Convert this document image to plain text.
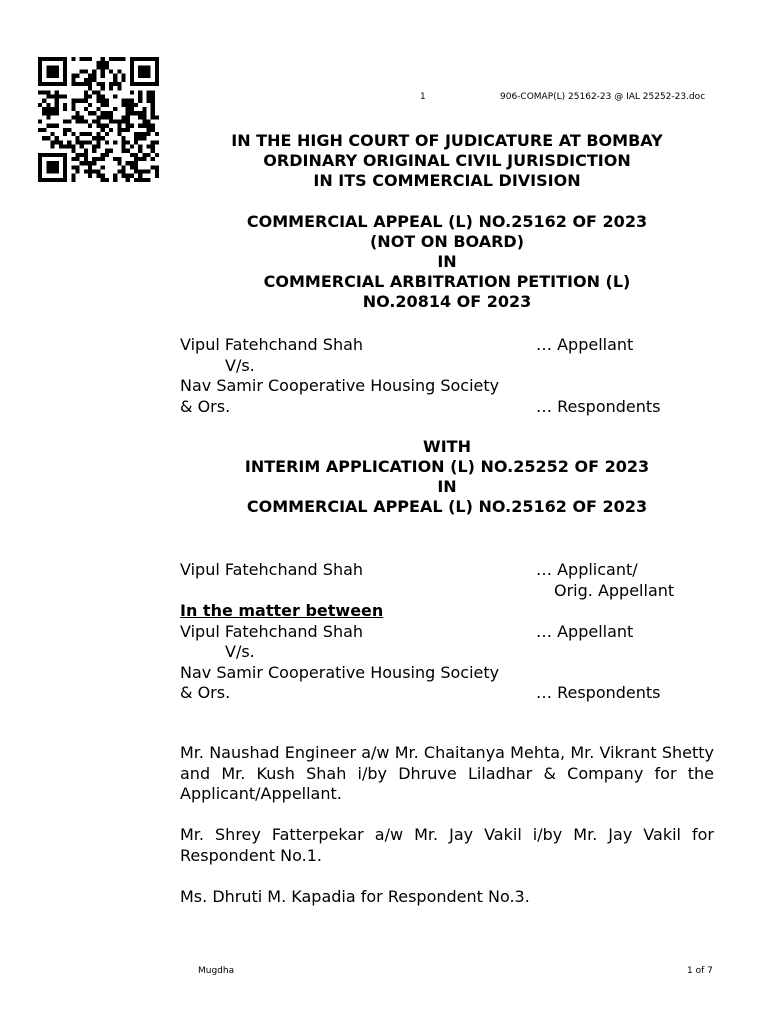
1	906-COMAP(L) 25162-23 @ IAL 25252-23.doc
IN THE HIGH COURT OF JUDICATURE AT BOMBAY
ORDINARY ORIGINAL CIVIL JURISDICTION
IN ITS COMMERCIAL DIVISION
COMMERCIAL APPEAL (L) NO.25162 OF 2023
(NOT ON BOARD)
IN
COMMERCIAL ARBITRATION PETITION (L)
NO.20814 OF 2023
Vipul Fatehchand Shah	… Appellant
V/s.
Nav Samir Cooperative Housing Society
& Ors.	… Respondents
WITH
INTERIM APPLICATION (L) NO.25252 OF 2023
IN
COMMERCIAL APPEAL (L) NO.25162 OF 2023
Vipul Fatehchand Shah	… Applicant/
Orig. Appellant
In the matter between
Vipul Fatehchand Shah	… Appellant
V/s.
Nav Samir Cooperative Housing Society
& Ors.	… Respondents
Mr. Naushad Engineer a/w Mr. Chaitanya Mehta, Mr. Vikrant Shetty and Mr. Kush Shah i/by Dhruve Liladhar & Company for the Applicant/Appellant.
Mr. Shrey Fatterpekar a/w Mr. Jay Vakil i/by Mr. Jay Vakil for Respondent No.1.
Ms. Dhruti M. Kapadia for Respondent No.3.
Mugdha	1 of 7
